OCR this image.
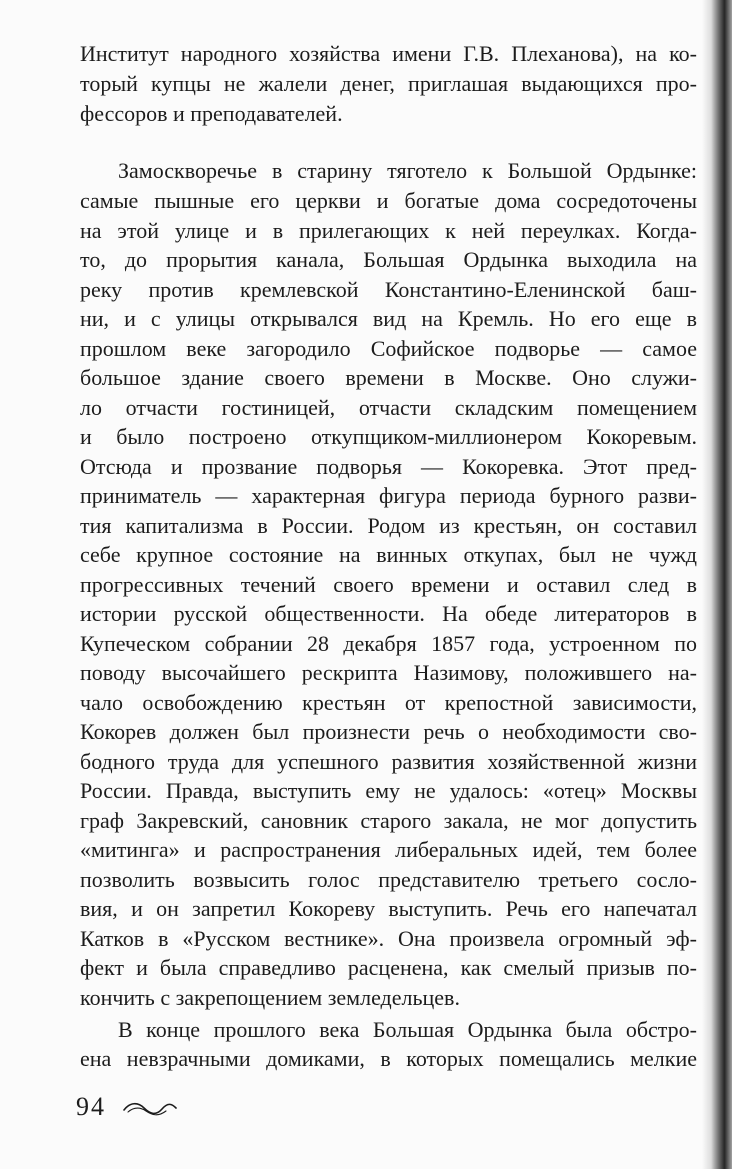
Институт народного хозяйства имени Г.В. Плеханова), на ко-
торый купцы не жалели денег, приглашая выдающихся про-
фессоров и преподавателей.
Замоскворечье в старину тяготело к Большой Ордынке:
самые пышные его церкви и богатые дома сосредоточены
на этой улице и в прилегающих к ней переулках. Когда-
то, до прорытия канала, Большая Ордынка выходила на
реку против кремлевской Константино-Еленинской баш-
ни, и с улицы открывался вид на Кремль. Но его еще в
прошлом веке загородило Софийское подворье — самое
большое здание своего времени в Москве. Оно служи-
ло отчасти гостиницей, отчасти складским помещением
и было построено откупщиком-миллионером Кокоревым.
Отсюда и прозвание подворья — Кокоревка. Этот пред-
приниматель — характерная фигура периода бурного разви-
тия капитализма в России. Родом из крестьян, он составил
себе крупное состояние на винных откупах, был не чужд
прогрессивных течений своего времени и оставил след в
истории русской общественности. На обеде литераторов в
Купеческом собрании 28 декабря 1857 года, устроенном по
поводу высочайшего рескрипта Назимову, положившего на-
чало освобождению крестьян от крепостной зависимости,
Кокорев должен был произнести речь о необходимости сво-
бодного труда для успешного развития хозяйственной жизни
России. Правда, выступить ему не удалось: «отец» Москвы
граф Закревский, сановник старого закала, не мог допустить
«митинга» и распространения либеральных идей, тем более
позволить возвысить голос представителю третьего сосло-
вия, и он запретил Кокореву выступить. Речь его напечатал
Катков в «Русском вестнике». Она произвела огромный эф-
фект и была справедливо расценена, как смелый призыв по-
кончить с закрепощением земледельцев.
В конце прошлого века Большая Ордынка была обстро-
ена невзрачными домиками, в которых помещались мелкие
94
